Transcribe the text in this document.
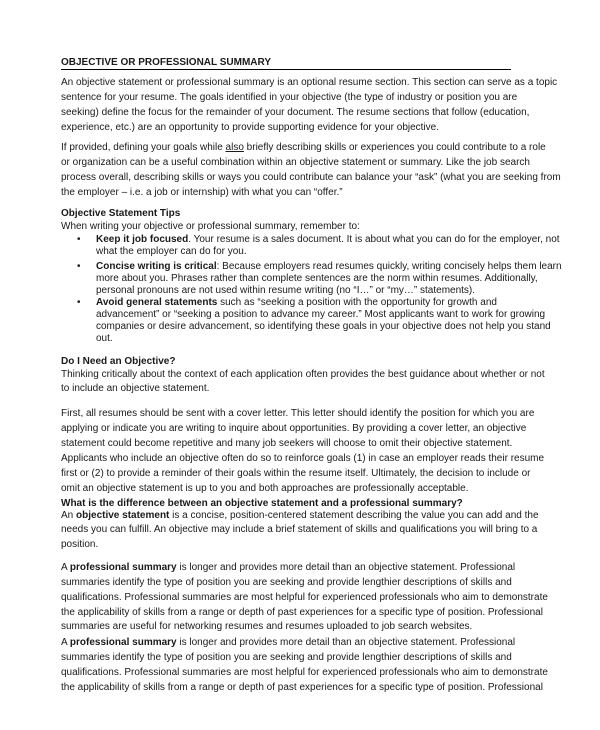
OBJECTIVE OR PROFESSIONAL SUMMARY
An objective statement or professional summary is an optional resume section. This section can serve as a topic
sentence for your resume. The goals identified in your objective (the type of industry or position you are
seeking) define the focus for the remainder of your document. The resume sections that follow (education,
experience, etc.) are an opportunity to provide supporting evidence for your objective.
If provided, defining your goals while also briefly describing skills or experiences you could contribute to a role
or organization can be a useful combination within an objective statement or summary. Like the job search
process overall, describing skills or ways you could contribute can balance your “ask” (what you are seeking from
the employer – i.e. a job or internship) with what you can “offer.”
Objective Statement Tips
When writing your objective or professional summary, remember to:
• Keep it job focused. Your resume is a sales document. It is about what you can do for the employer, not
what the employer can do for you.
• Concise writing is critical: Because employers read resumes quickly, writing concisely helps them learn
more about you. Phrases rather than complete sentences are the norm within resumes. Additionally,
personal pronouns are not used within resume writing (no “I…” or “my…” statements).
• Avoid general statements such as “seeking a position with the opportunity for growth and
advancement” or “seeking a position to advance my career.” Most applicants want to work for growing
companies or desire advancement, so identifying these goals in your objective does not help you stand
out.
Do I Need an Objective?
Thinking critically about the context of each application often provides the best guidance about whether or not
to include an objective statement.
First, all resumes should be sent with a cover letter. This letter should identify the position for which you are
applying or indicate you are writing to inquire about opportunities. By providing a cover letter, an objective
statement could become repetitive and many job seekers will choose to omit their objective statement.
Applicants who include an objective often do so to reinforce goals (1) in case an employer reads their resume
first or (2) to provide a reminder of their goals within the resume itself. Ultimately, the decision to include or
omit an objective statement is up to you and both approaches are professionally acceptable.
What is the difference between an objective statement and a professional summary?
An objective statement is a concise, position-centered statement describing the value you can add and the
needs you can fulfill. An objective may include a brief statement of skills and qualifications you will bring to a
position.
A professional summary is longer and provides more detail than an objective statement. Professional
summaries identify the type of position you are seeking and provide lengthier descriptions of skills and
qualifications. Professional summaries are most helpful for experienced professionals who aim to demonstrate
the applicability of skills from a range or depth of past experiences for a specific type of position. Professional
summaries are useful for networking resumes and resumes uploaded to job search websites.
A professional summary is longer and provides more detail than an objective statement. Professional
summaries identify the type of position you are seeking and provide lengthier descriptions of skills and
qualifications. Professional summaries are most helpful for experienced professionals who aim to demonstrate
the applicability of skills from a range or depth of past experiences for a specific type of position. Professional
